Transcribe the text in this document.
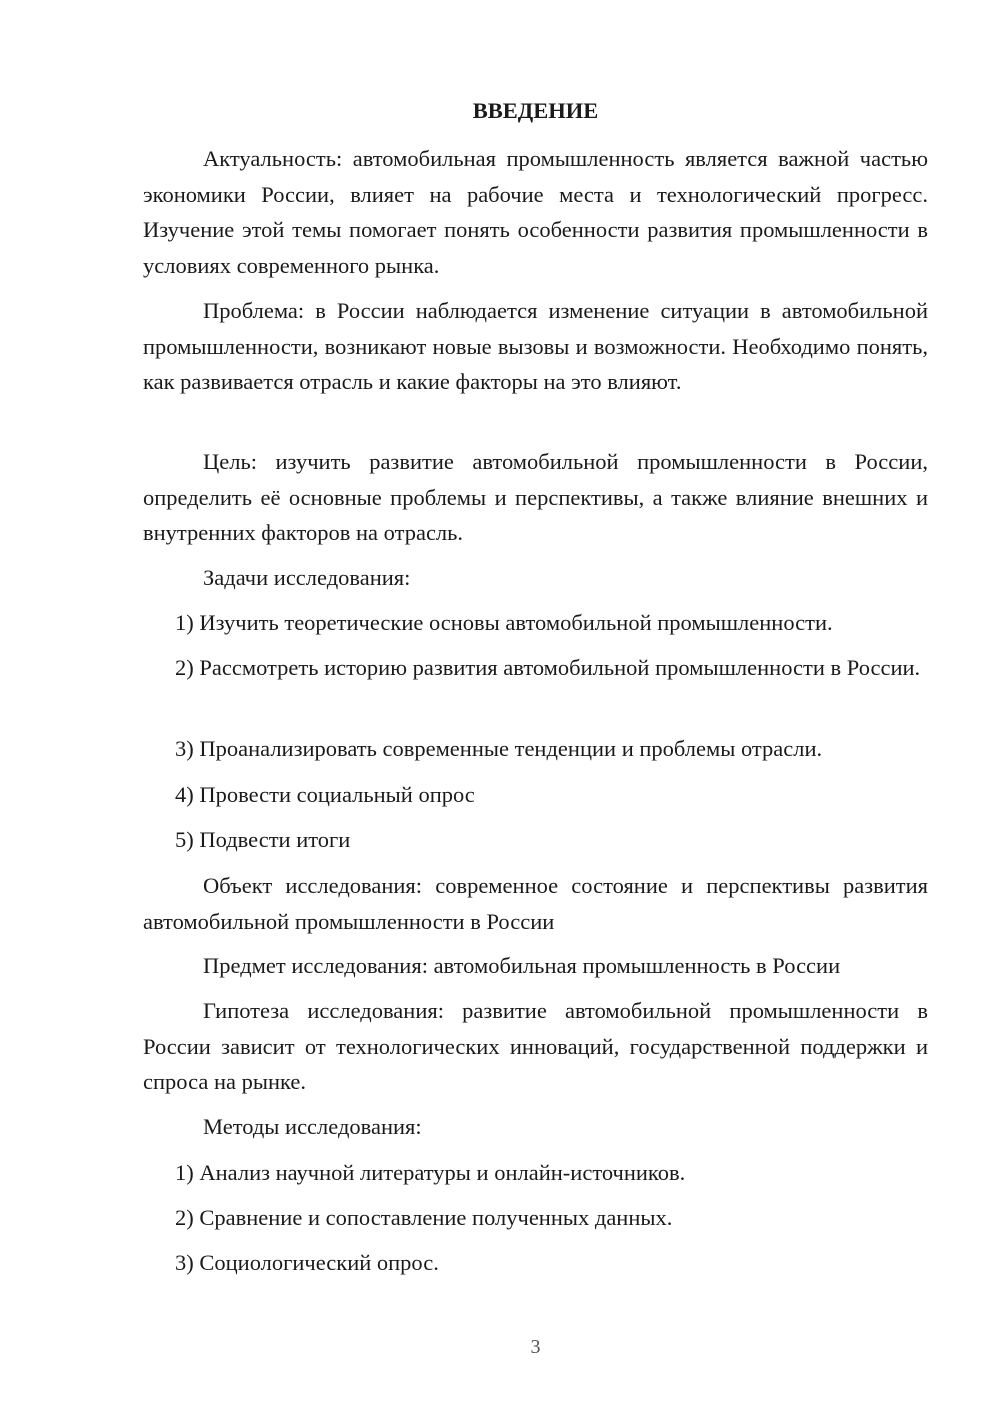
ВВЕДЕНИЕ

Актуальность: автомобильная промышленность является важной частью экономики России, влияет на рабочие места и технологический прогресс. Изучение этой темы помогает понять особенности развития промышленности в условиях современного рынка.

Проблема: в России наблюдается изменение ситуации в автомобильной промышленности, возникают новые вызовы и возможности. Необходимо понять, как развивается отрасль и какие факторы на это влияют.

Цель: изучить развитие автомобильной промышленности в России, определить её основные проблемы и перспективы, а также влияние внешних и внутренних факторов на отрасль.

Задачи исследования:

1) Изучить теоретические основы автомобильной промышленности.

2) Рассмотреть историю развития автомобильной промышленности в России.

3) Проанализировать современные тенденции и проблемы отрасли.

4) Провести социальный опрос

5) Подвести итоги

Объект исследования: современное состояние и перспективы развития автомобильной промышленности в России

Предмет исследования: автомобильная промышленность в России

Гипотеза исследования: развитие автомобильной промышленности в России зависит от технологических инноваций, государственной поддержки и спроса на рынке.

Методы исследования:

1) Анализ научной литературы и онлайн-источников.

2) Сравнение и сопоставление полученных данных.

3) Социологический опрос.

3
